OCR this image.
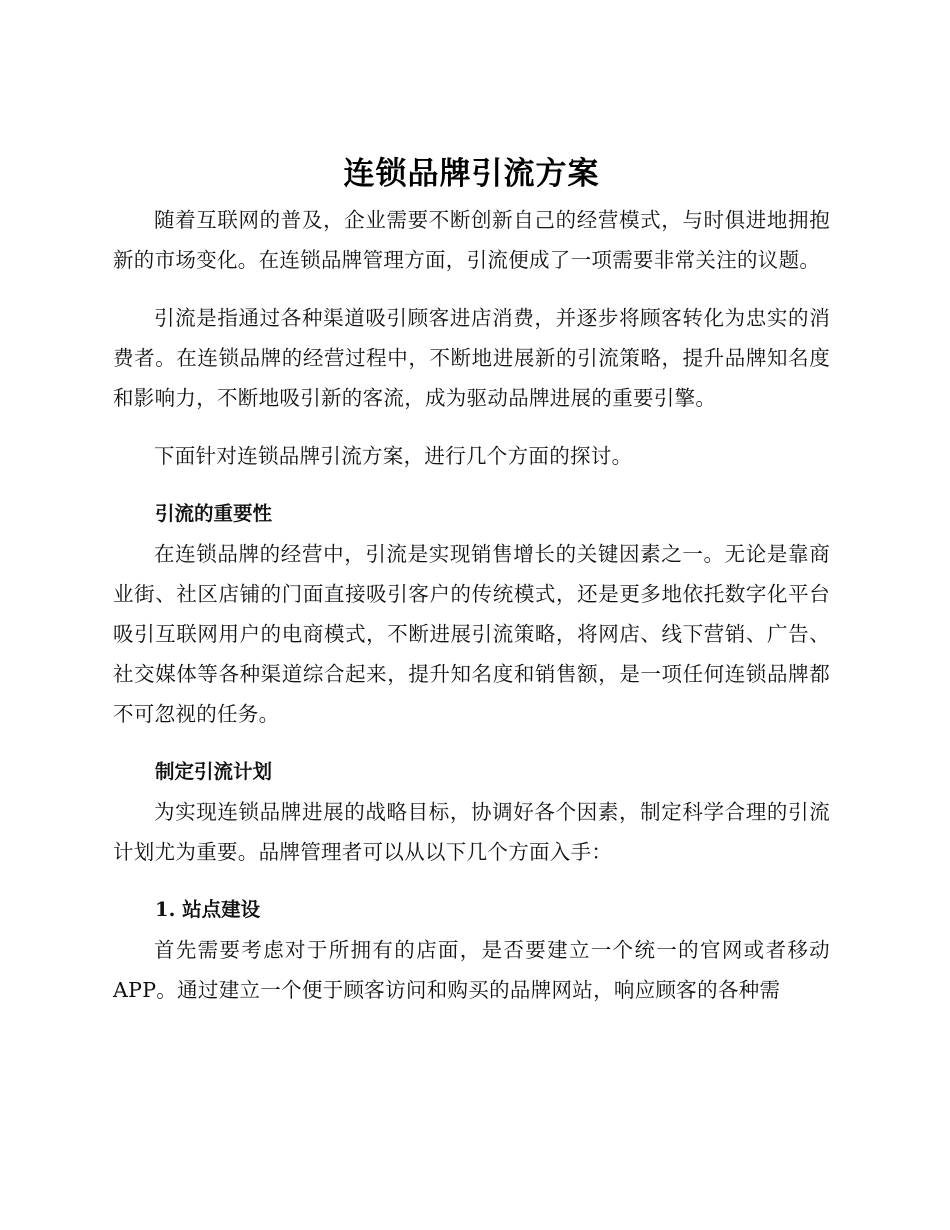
连锁品牌引流方案

随着互联网的普及，企业需要不断创新自己的经营模式，与时俱进地拥抱新的市场变化。在连锁品牌管理方面，引流便成了一项需要非常关注的议题。

引流是指通过各种渠道吸引顾客进店消费，并逐步将顾客转化为忠实的消费者。在连锁品牌的经营过程中，不断地进展新的引流策略，提升品牌知名度和影响力，不断地吸引新的客流，成为驱动品牌进展的重要引擎。

下面针对连锁品牌引流方案，进行几个方面的探讨。

引流的重要性

在连锁品牌的经营中，引流是实现销售增长的关键因素之一。无论是靠商业街、社区店铺的门面直接吸引客户的传统模式，还是更多地依托数字化平台吸引互联网用户的电商模式，不断进展引流策略，将网店、线下营销、广告、社交媒体等各种渠道综合起来，提升知名度和销售额，是一项任何连锁品牌都不可忽视的任务。

制定引流计划

为实现连锁品牌进展的战略目标，协调好各个因素，制定科学合理的引流计划尤为重要。品牌管理者可以从以下几个方面入手：

1. 站点建设

首先需要考虑对于所拥有的店面，是否要建立一个统一的官网或者移动APP。通过建立一个便于顾客访问和购买的品牌网站，响应顾客的各种需
